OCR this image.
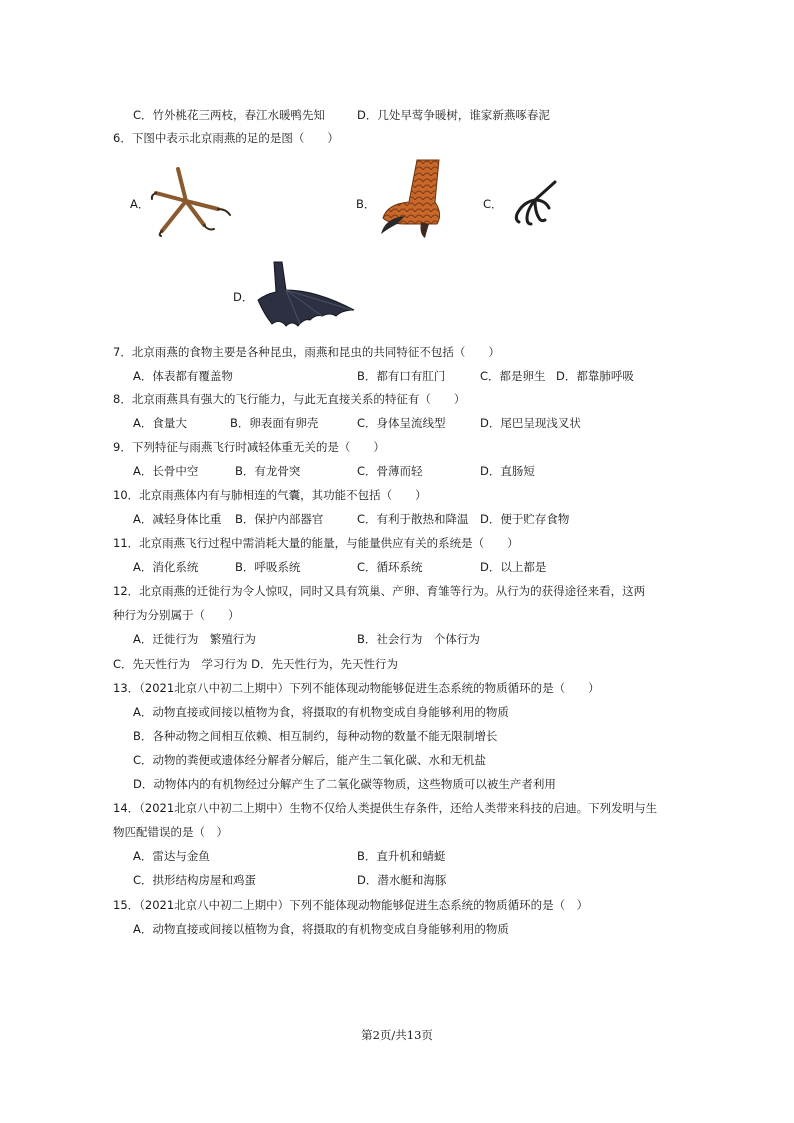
C．竹外桃花三两枝，春江水暖鸭先知	D．几处早莺争暖树，谁家新燕啄春泥
6．下图中表示北京雨燕的足的是图（　　）
A．	B．	C．
D．
7．北京雨燕的食物主要是各种昆虫，雨燕和昆虫的共同特征不包括（　　）
A．体表都有覆盖物	B．都有口有肛门	C．都是卵生 D．都靠肺呼吸
8．北京雨燕具有强大的飞行能力，与此无直接关系的特征有（　　）
A．食量大	B．卵表面有卵壳	C．身体呈流线型	D．尾巴呈现浅叉状
9．下列特征与雨燕飞行时减轻体重无关的是（　　）
A．长骨中空	B．有龙骨突	C．骨薄而轻	D．直肠短
10．北京雨燕体内有与肺相连的气囊，其功能不包括（　　）
A．减轻身体比重 B．保护内部器官	C．有利于散热和降温 D．便于贮存食物
11．北京雨燕飞行过程中需消耗大量的能量，与能量供应有关的系统是（　　）
A．消化系统	B．呼吸系统	C．循环系统	D．以上都是
12．北京雨燕的迁徙行为令人惊叹，同时又具有筑巢、产卵、育雏等行为。从行为的获得途径来看，这两
种行为分别属于（　　）
A．迁徙行为　繁殖行为	B．社会行为　个体行为
C．先天性行为　学习行为 D．先天性行为，先天性行为
13．（2021北京八中初二上期中）下列不能体现动物能够促进生态系统的物质循环的是（　　）
A．动物直接或间接以植物为食，将摄取的有机物变成自身能够利用的物质
B．各种动物之间相互依赖、相互制约，每种动物的数量不能无限制增长
C．动物的粪便或遗体经分解者分解后，能产生二氧化碳、水和无机盐
D．动物体内的有机物经过分解产生了二氧化碳等物质，这些物质可以被生产者利用
14．（2021北京八中初二上期中）生物不仅给人类提供生存条件，还给人类带来科技的启迪。下列发明与生
物匹配错误的是（　）
A．雷达与金鱼	B．直升机和蜻蜓
C．拱形结构房屋和鸡蛋	D．潜水艇和海豚
15．（2021北京八中初二上期中）下列不能体现动物能够促进生态系统的物质循环的是（　）
A．动物直接或间接以植物为食，将摄取的有机物变成自身能够利用的物质
第2页/共13页
